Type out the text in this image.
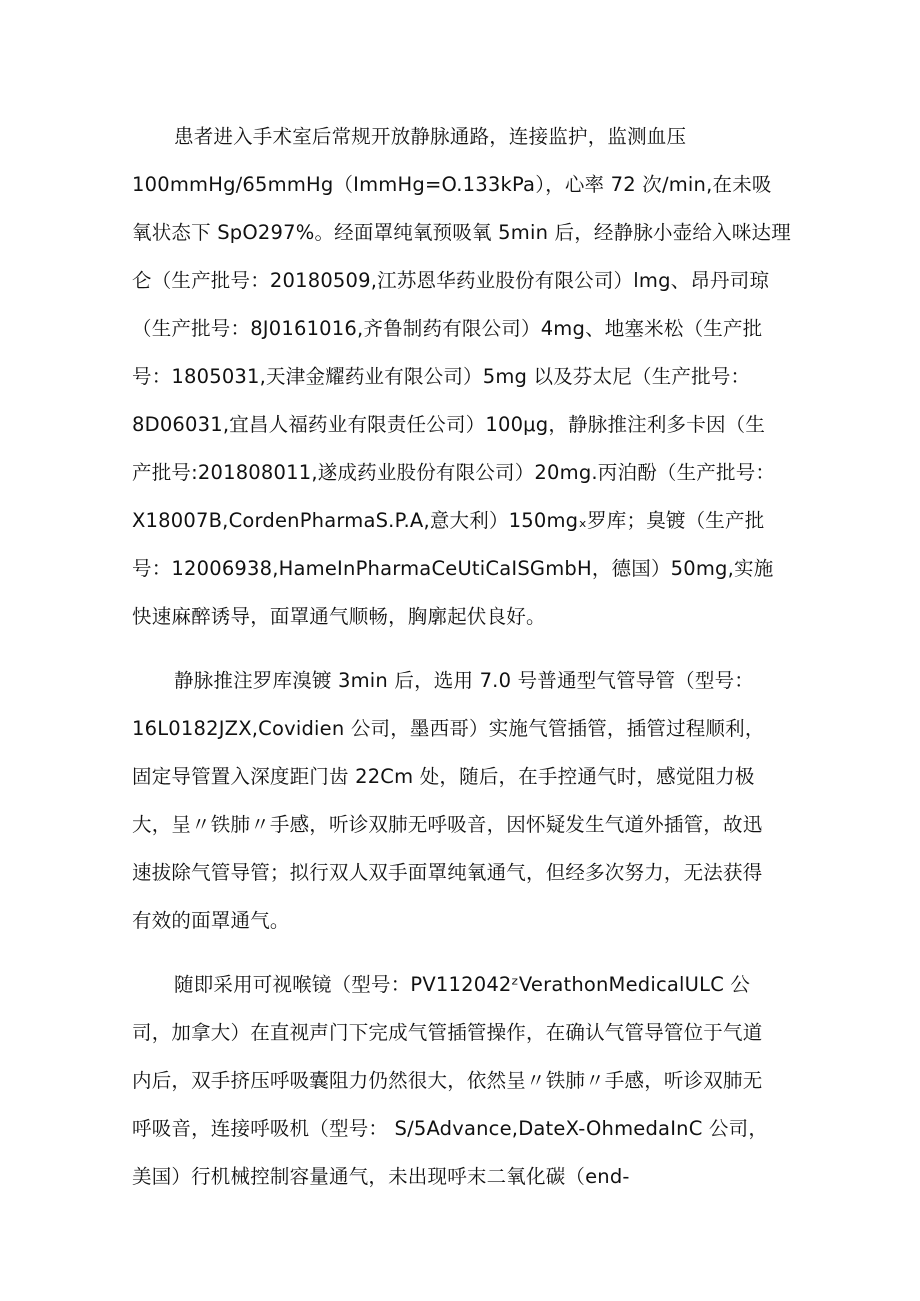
患者进入手术室后常规开放静脉通路，连接监护，监测血压
100mmHg∕65mmHg（ImmHg=O.133kPa），心率 72 次∕min,在未吸
氧状态下 SpO297%。经面罩纯氧预吸氧 5min 后，经静脉小壶给入咪达理
仑（生产批号：20180509,江苏恩华药业股份有限公司）lmg、昂丹司琼
（生产批号：8J0161016,齐鲁制药有限公司）4mg、地塞米松（生产批
号：1805031,天津金耀药业有限公司）5mg 以及芬太尼（生产批号：
8D06031,宜昌人福药业有限责任公司）100μg，静脉推注利多卡因（生
产批号:201808011,遂成药业股份有限公司）20mg.丙泊酚（生产批号：
X18007B,CordenPharmaS.P.A,意大利）150mgₓ罗库；臭镀（生产批
号：12006938,HameInPharmaCeUtiCaISGmbH，德国）50mg,实施
快速麻醉诱导，面罩通气顺畅，胸廓起伏良好。
静脉推注罗库溴镀 3min 后，选用 7.0 号普通型气管导管（型号：
16L0182JZX,Covidien 公司，墨西哥）实施气管插管，插管过程顺利，
固定导管置入深度距门齿 22Cm 处，随后，在手控通气时，感觉阻力极
大，呈〃铁肺〃手感，听诊双肺无呼吸音，因怀疑发生气道外插管，故迅
速拔除气管导管；拟行双人双手面罩纯氧通气，但经多次努力，无法获得
有效的面罩通气。
随即采用可视喉镜（型号：PV112042ᶻVerathonMedicalULC 公
司，加拿大）在直视声门下完成气管插管操作，在确认气管导管位于气道
内后，双手挤压呼吸囊阻力仍然很大，依然呈〃铁肺〃手感，听诊双肺无
呼吸音，连接呼吸机（型号： S∕5Advance,DateX-OhmedaInC 公司，
美国）行机械控制容量通气，未出现呼末二氧化碳（end-
